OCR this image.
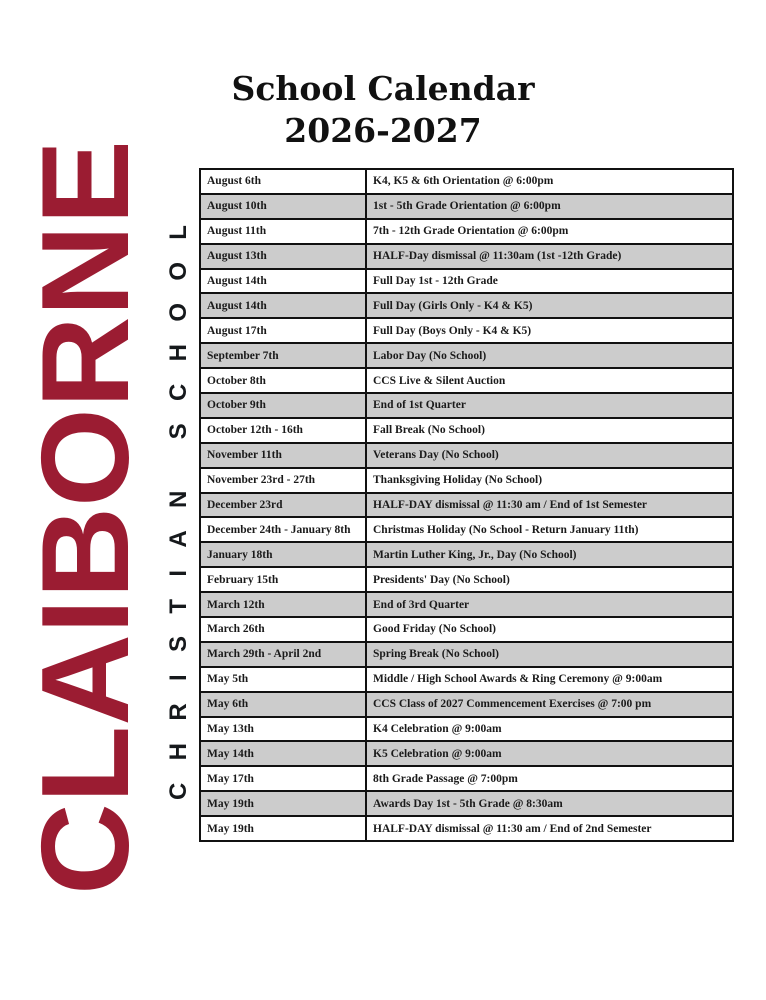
CLAIBORNE CHRISTIAN SCHOOL
School Calendar
2026-2027
August 6th	K4, K5 & 6th Orientation @ 6:00pm
August 10th	1st - 5th Grade Orientation @ 6:00pm
August 11th	7th - 12th Grade Orientation @ 6:00pm
August 13th	HALF-Day dismissal @ 11:30am (1st -12th Grade)
August 14th	Full Day 1st - 12th Grade
August 14th	Full Day (Girls Only - K4 & K5)
August 17th	Full Day (Boys Only - K4 & K5)
September 7th	Labor Day (No School)
October 8th	CCS Live & Silent Auction
October 9th	End of 1st Quarter
October 12th - 16th	Fall Break (No School)
November 11th	Veterans Day (No School)
November 23rd - 27th	Thanksgiving Holiday (No School)
December 23rd	HALF-DAY dismissal @ 11:30 am / End of 1st Semester
December 24th - January 8th	Christmas Holiday (No School - Return January 11th)
January 18th	Martin Luther King, Jr., Day (No School)
February 15th	Presidents' Day (No School)
March 12th	End of 3rd Quarter
March 26th	Good Friday (No School)
March 29th - April 2nd	Spring Break (No School)
May 5th	Middle / High School Awards & Ring Ceremony @ 9:00am
May 6th	CCS Class of 2027 Commencement Exercises @ 7:00 pm
May 13th	K4 Celebration @ 9:00am
May 14th	K5 Celebration @ 9:00am
May 17th	8th Grade Passage @ 7:00pm
May 19th	Awards Day 1st - 5th Grade @ 8:30am
May 19th	HALF-DAY dismissal @ 11:30 am / End of 2nd Semester
